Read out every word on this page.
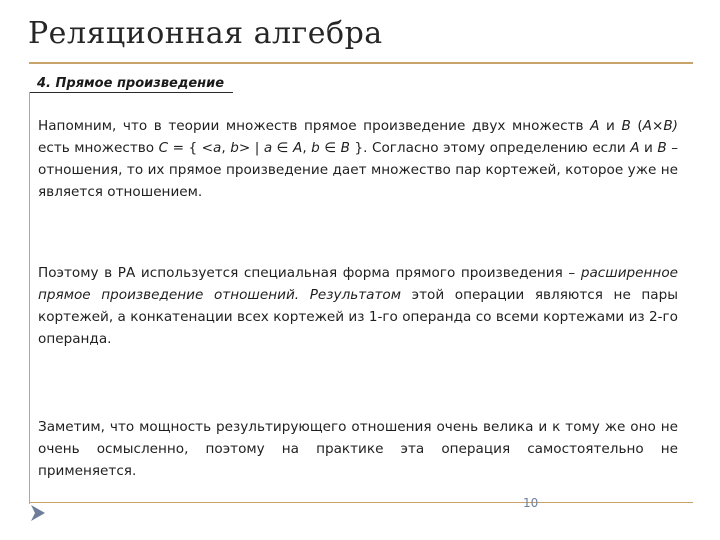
Реляционная алгебра
4. Прямое произведение
Напомним, что в теории множеств прямое произведение двух множеств A и B (A×B) есть множество C = { <a, b> | a ∈ A, b ∈ B }. Согласно этому определению если A и B – отношения, то их прямое произведение дает множество пар кортежей, которое уже не является отношением.
Поэтому в РА используется специальная форма прямого произведения – расширенное прямое произведение отношений. Результатом этой операции являются не пары кортежей, а конкатенации всех кортежей из 1-го операнда со всеми кортежами из 2-го операнда.
Заметим, что мощность результирующего отношения очень велика и к тому же оно не очень осмысленно, поэтому на практике эта операция самостоятельно не применяется.
10
